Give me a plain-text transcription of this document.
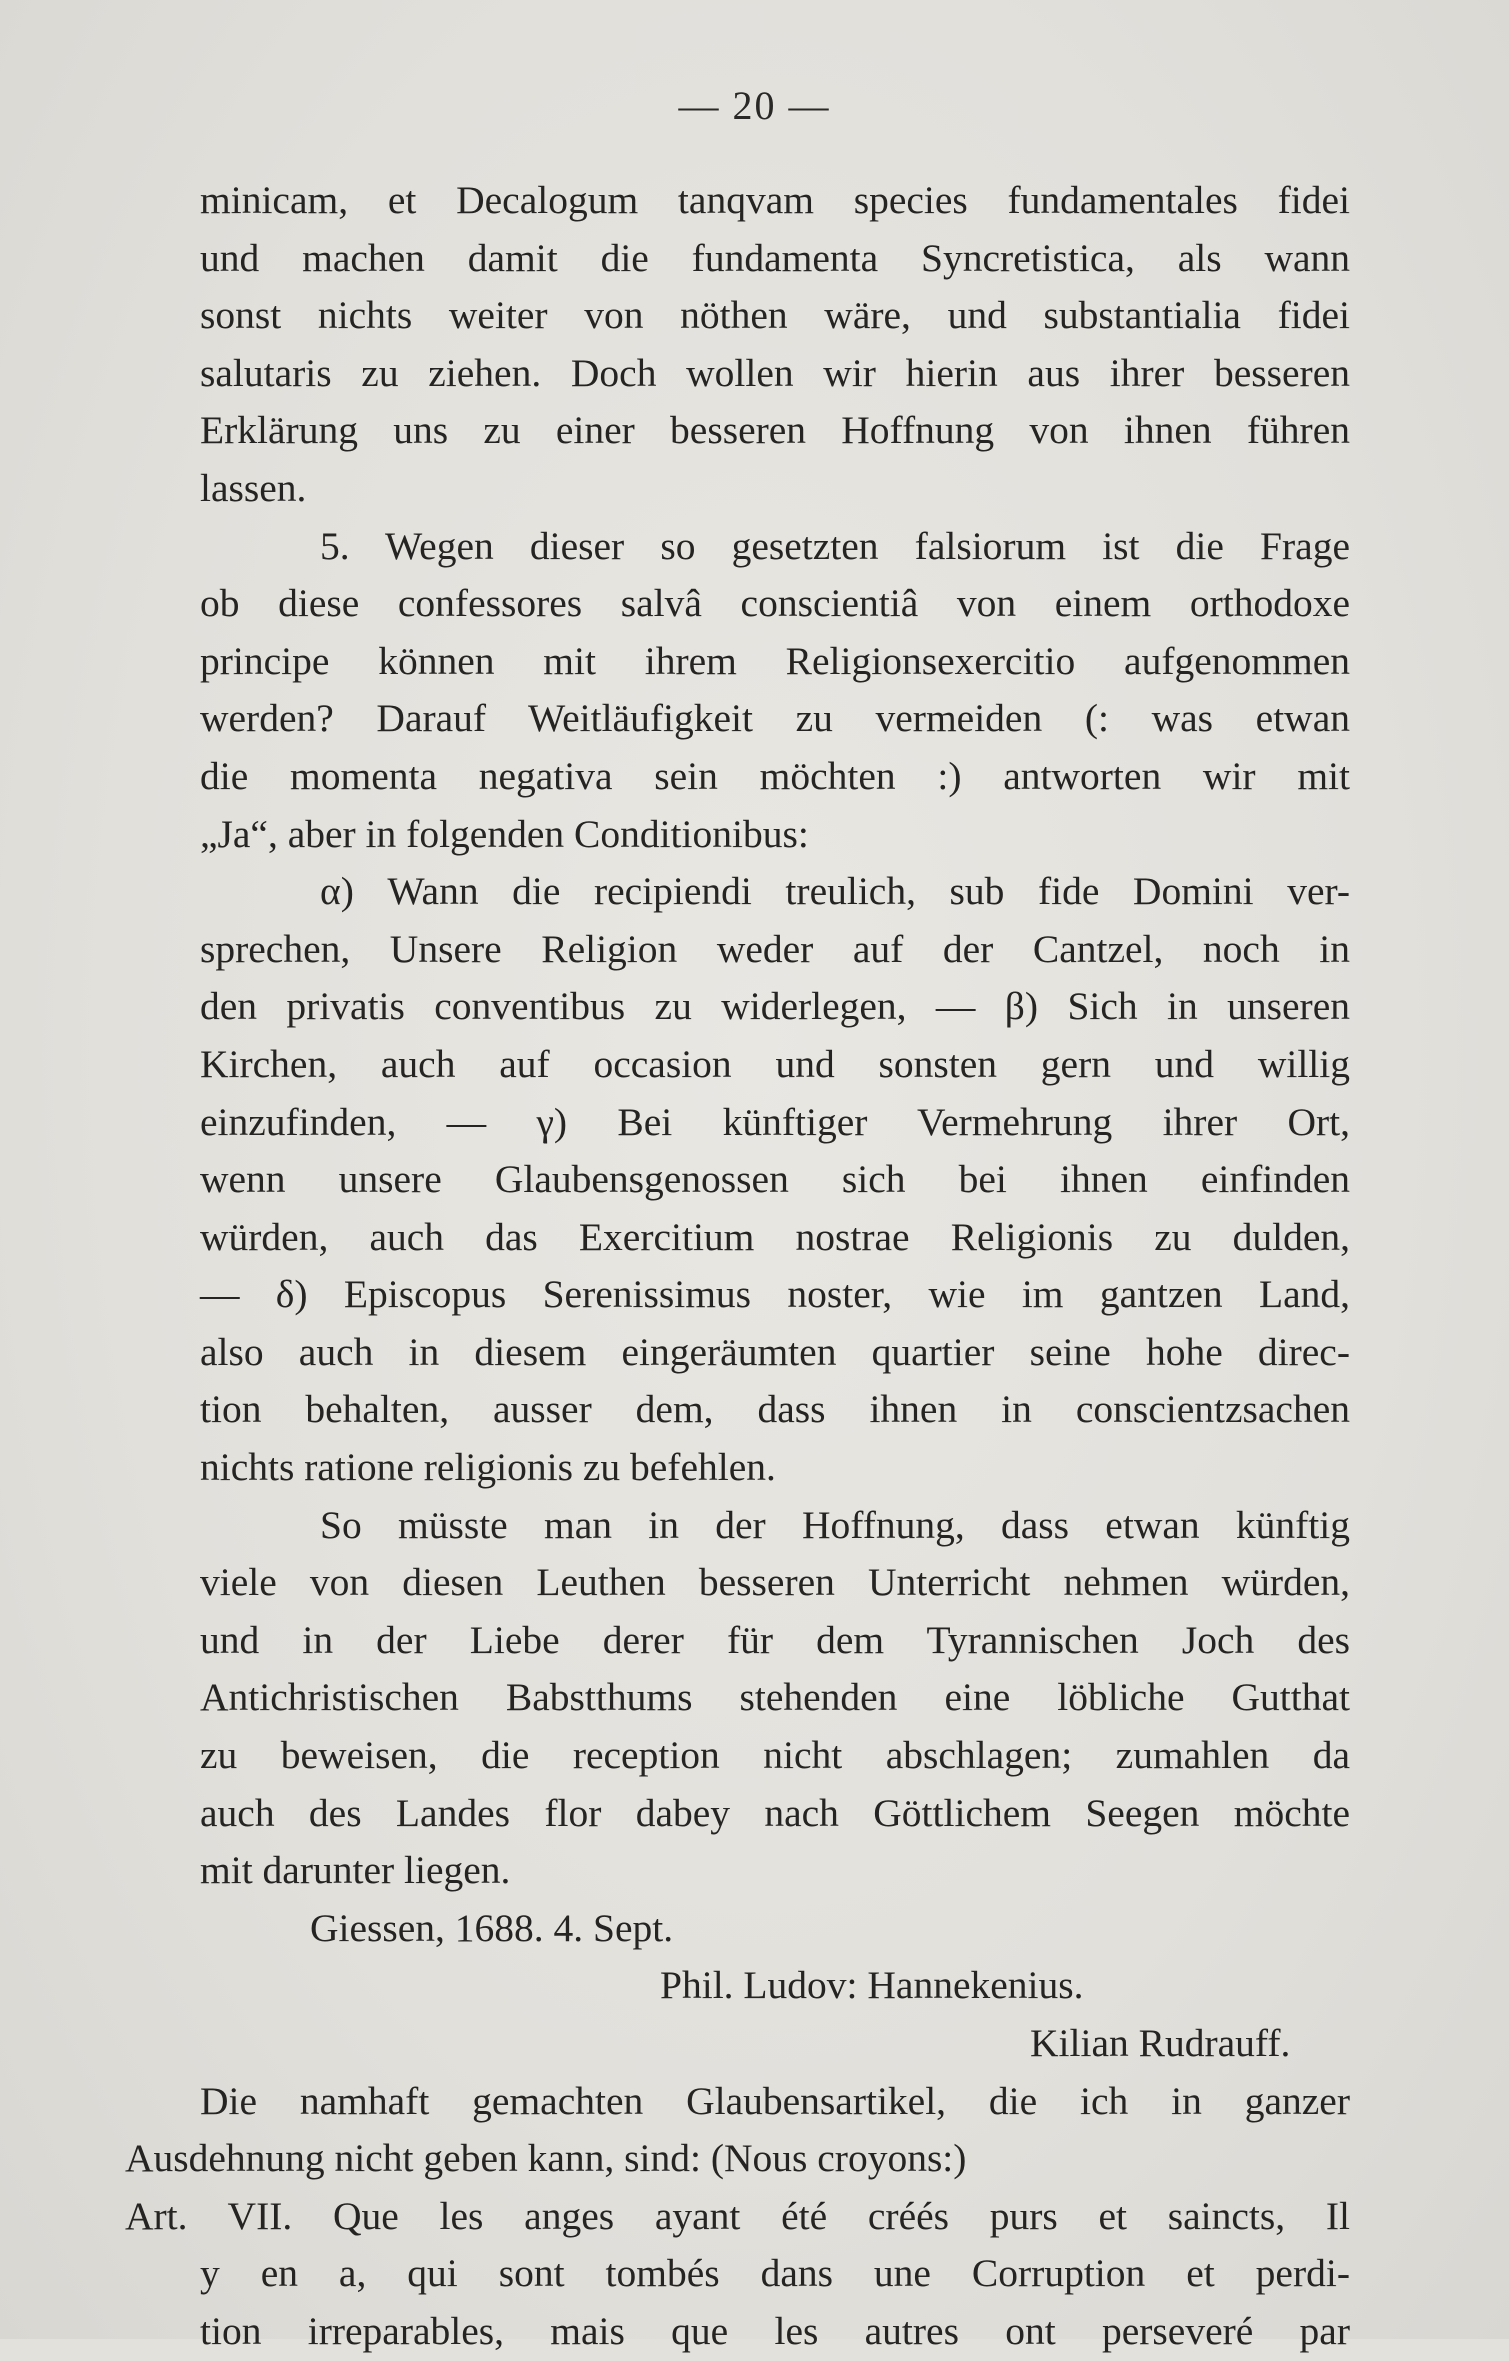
— 20 —
minicam, et Decalogum tanqvam species fundamentales fidei
und machen damit die fundamenta Syncretistica, als wann
sonst nichts weiter von nöthen wäre, und substantialia fidei
salutaris zu ziehen. Doch wollen wir hierin aus ihrer besseren
Erklärung uns zu einer besseren Hoffnung von ihnen führen
lassen.
5. Wegen dieser so gesetzten falsiorum ist die Frage
ob diese confessores salvâ conscientiâ von einem orthodoxe
principe können mit ihrem Religionsexercitio aufgenommen
werden? Darauf Weitläufigkeit zu vermeiden (: was etwan
die momenta negativa sein möchten :) antworten wir mit
„Ja“, aber in folgenden Conditionibus:
α) Wann die recipiendi treulich, sub fide Domini ver-
sprechen, Unsere Religion weder auf der Cantzel, noch in
den privatis conventibus zu widerlegen, — β) Sich in unseren
Kirchen, auch auf occasion und sonsten gern und willig
einzufinden, — γ) Bei künftiger Vermehrung ihrer Ort,
wenn unsere Glaubensgenossen sich bei ihnen einfinden
würden, auch das Exercitium nostrae Religionis zu dulden,
— δ) Episcopus Serenissimus noster, wie im gantzen Land,
also auch in diesem eingeräumten quartier seine hohe direc-
tion behalten, ausser dem, dass ihnen in conscientzsachen
nichts ratione religionis zu befehlen.
So müsste man in der Hoffnung, dass etwan künftig
viele von diesen Leuthen besseren Unterricht nehmen würden,
und in der Liebe derer für dem Tyrannischen Joch des
Antichristischen Babstthums stehenden eine löbliche Gutthat
zu beweisen, die reception nicht abschlagen; zumahlen da
auch des Landes flor dabey nach Göttlichem Seegen möchte
mit darunter liegen.
Giessen, 1688. 4. Sept.
Phil. Ludov: Hannekenius.
Kilian Rudrauff.
Die namhaft gemachten Glaubensartikel, die ich in ganzer
Ausdehnung nicht geben kann, sind: (Nous croyons:)
Art. VII. Que les anges ayant été créés purs et saincts, Il
y en a, qui sont tombés dans une Corruption et perdi-
tion irreparables, mais que les autres ont perseveré par
